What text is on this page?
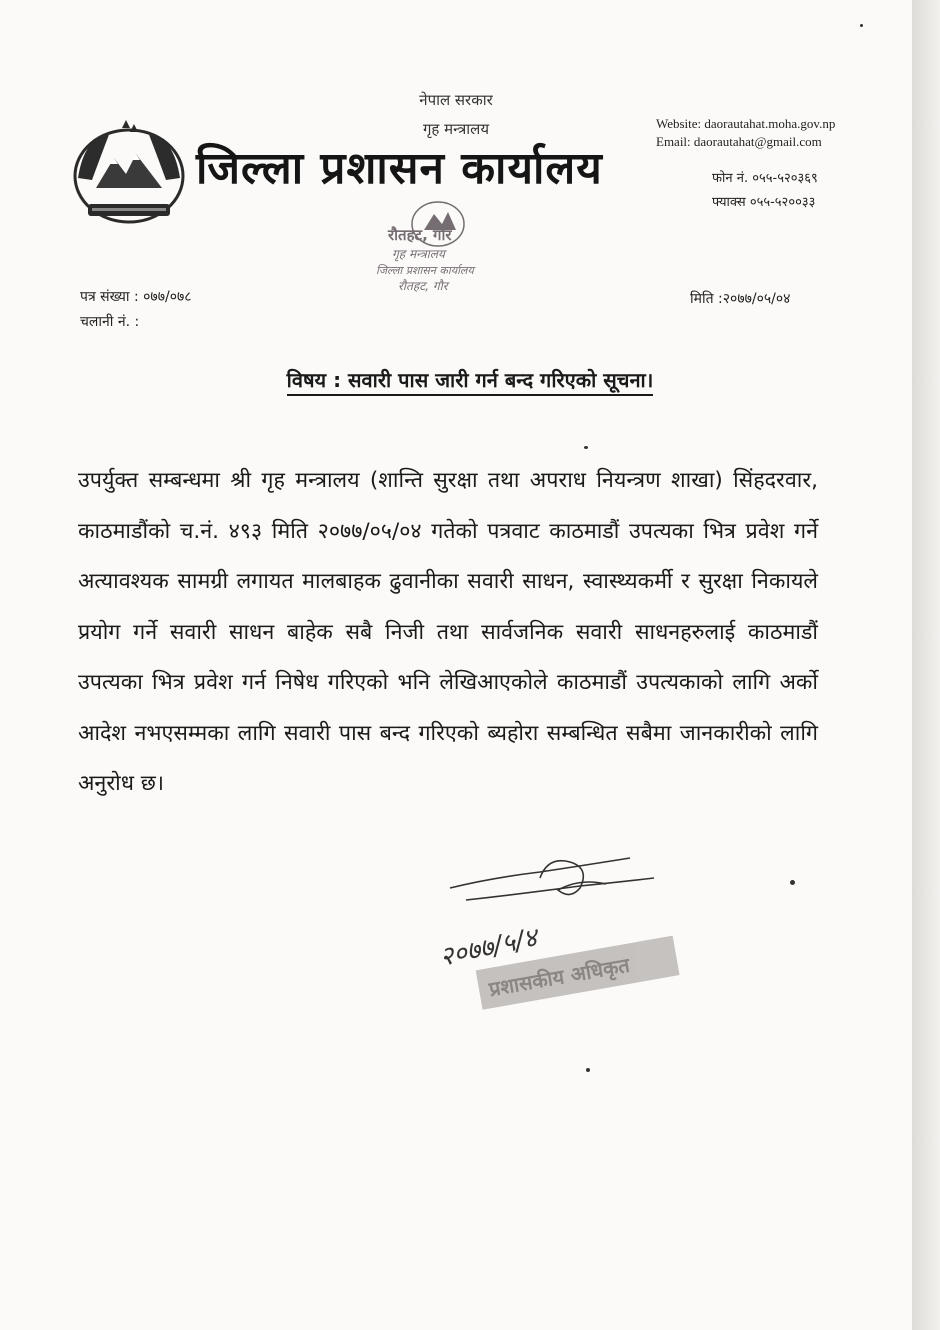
नेपाल सरकार
गृह मन्त्रालय
जिल्ला प्रशासन कार्यालय
Website: daorautahat.moha.gov.np
Email: daorautahat@gmail.com
फोन नं. ०५५-५२०३६९
फ्याक्स ०५५-५२००३३
रौतहट, गौर
गृह मन्त्रालय
जिल्ला प्रशासन कार्यालय
रौतहट, गौर
पत्र संख्या : ०७७/०७८
चलानी नं. :
मिति :२०७७/०५/०४
विषय : सवारी पास जारी गर्न बन्द गरिएको सूचना।
उपर्युक्त सम्बन्धमा श्री गृह मन्त्रालय (शान्ति सुरक्षा तथा अपराध नियन्त्रण शाखा) सिंहदरवार, काठमाडौंको च.नं. ४९३ मिति २०७७/०५/०४ गतेको पत्रवाट काठमाडौं उपत्यका भित्र प्रवेश गर्ने अत्यावश्यक सामग्री लगायत मालबाहक ढुवानीका सवारी साधन, स्वास्थ्यकर्मी र सुरक्षा निकायले प्रयोग गर्ने सवारी साधन बाहेक सबै निजी तथा सार्वजनिक सवारी साधनहरुलाई काठमाडौं उपत्यका भित्र प्रवेश गर्न निषेध गरिएको भनि लेखिआएकोले काठमाडौं उपत्यकाको लागि अर्को आदेश नभएसम्मका लागि सवारी पास बन्द गरिएको ब्यहोरा सम्बन्धित सबैमा जानकारीको लागि अनुरोध छ।
२०७७/५/४
प्रशासकीय अधिकृत
